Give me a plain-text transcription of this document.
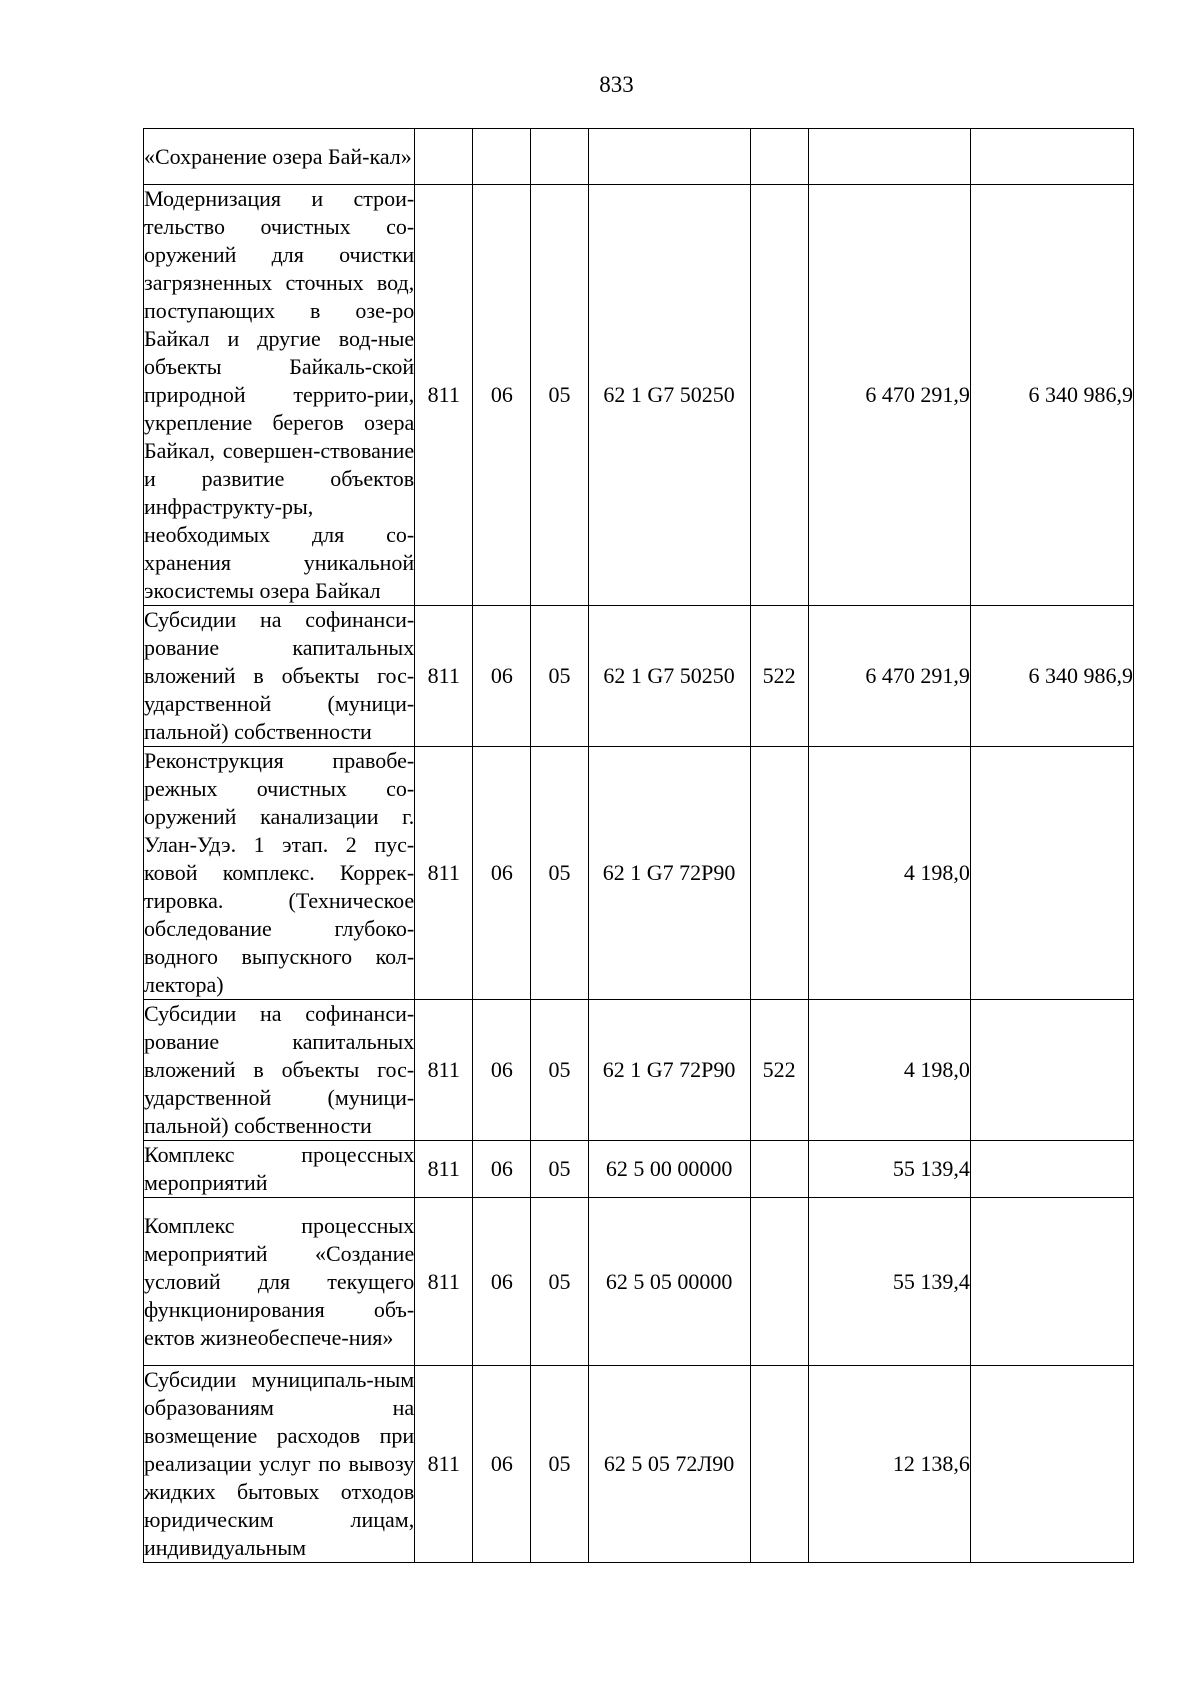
833
«Сохранение озера Бай-кал»							
Модернизация и строи-тельство очистных со-оружений для очистки загрязненных сточных вод, поступающих в озе-ро Байкал и другие вод-ные объекты Байкаль-ской природной террито-рии, укрепление берегов озера Байкал, совершен-ствование и развитие объектов инфраструкту-ры, необходимых для со-хранения уникальной экосистемы озера Байкал	811	06	05	62 1 G7 50250		6 470 291,9	6 340 986,9
Субсидии на софинанси-рование капитальных вложений в объекты гос-ударственной (муници-пальной) собственности	811	06	05	62 1 G7 50250	522	6 470 291,9	6 340 986,9
Реконструкция правобе-режных очистных со-оружений канализации г. Улан-Удэ. 1 этап. 2 пус-ковой комплекс. Коррек-тировка. (Техническое обследование глубоко-водного выпускного кол-лектора)	811	06	05	62 1 G7 72Р90		4 198,0	
Субсидии на софинанси-рование капитальных вложений в объекты гос-ударственной (муници-пальной) собственности	811	06	05	62 1 G7 72Р90	522	4 198,0	
Комплекс процессных мероприятий	811	06	05	62 5 00 00000		55 139,4	
Комплекс процессных мероприятий «Создание условий для текущего функционирования объ-ектов жизнеобеспече-ния»	811	06	05	62 5 05 00000		55 139,4	
Субсидии муниципаль-ным образованиям на возмещение расходов при реализации услуг по вывозу жидких бытовых отходов юридическим лицам, индивидуальным	811	06	05	62 5 05 72Л90		12 138,6	
